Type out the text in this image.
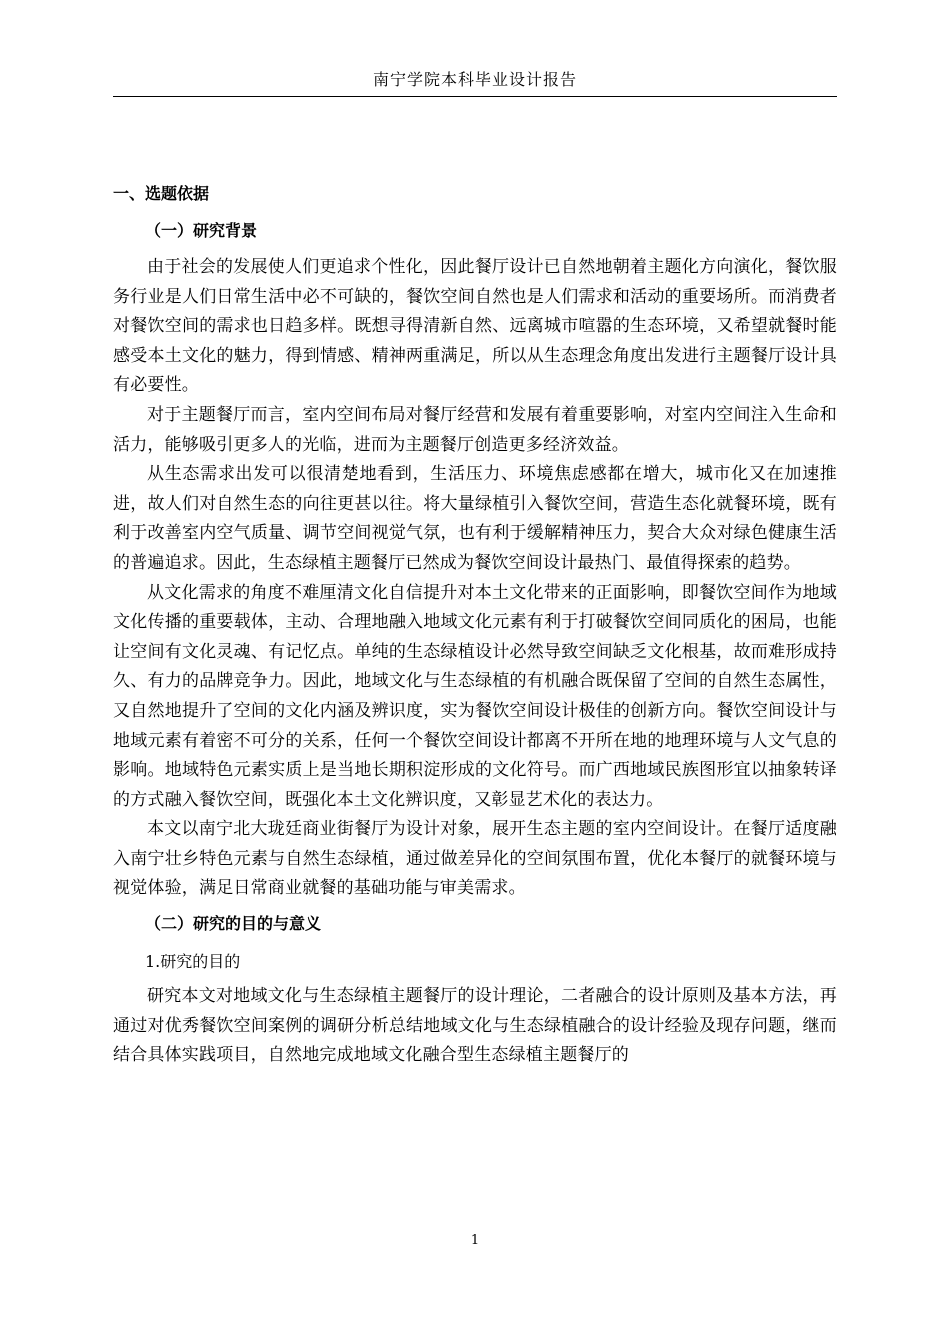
南宁学院本科毕业设计报告
一、选题依据
（一）研究背景

由于社会的发展使人们更追求个性化，因此餐厅设计已自然地朝着主题化方向演化，餐饮服务行业是人们日常生活中必不可缺的，餐饮空间自然也是人们需求和活动的重要场所。而消费者对餐饮空间的需求也日趋多样。既想寻得清新自然、远离城市喧嚣的生态环境，又希望就餐时能感受本土文化的魅力，得到情感、精神两重满足，所以从生态理念角度出发进行主题餐厅设计具有必要性。

对于主题餐厅而言，室内空间布局对餐厅经营和发展有着重要影响，对室内空间注入生命和活力，能够吸引更多人的光临，进而为主题餐厅创造更多经济效益。

从生态需求出发可以很清楚地看到，生活压力、环境焦虑感都在增大，城市化又在加速推进，故人们对自然生态的向往更甚以往。将大量绿植引入餐饮空间，营造生态化就餐环境，既有利于改善室内空气质量、调节空间视觉气氛，也有利于缓解精神压力，契合大众对绿色健康生活的普遍追求。因此，生态绿植主题餐厅已然成为餐饮空间设计最热门、最值得探索的趋势。

从文化需求的角度不难厘清文化自信提升对本土文化带来的正面影响，即餐饮空间作为地域文化传播的重要载体，主动、合理地融入地域文化元素有利于打破餐饮空间同质化的困局，也能让空间有文化灵魂、有记忆点。单纯的生态绿植设计必然导致空间缺乏文化根基，故而难形成持久、有力的品牌竞争力。因此，地域文化与生态绿植的有机融合既保留了空间的自然生态属性，又自然地提升了空间的文化内涵及辨识度，实为餐饮空间设计极佳的创新方向。餐饮空间设计与地域元素有着密不可分的关系，任何一个餐饮空间设计都离不开所在地的地理环境与人文气息的影响。地域特色元素实质上是当地长期积淀形成的文化符号。而广西地域民族图形宜以抽象转译的方式融入餐饮空间，既强化本土文化辨识度，又彰显艺术化的表达力。

本文以南宁北大珑廷商业街餐厅为设计对象，展开生态主题的室内空间设计。在餐厅适度融入南宁壮乡特色元素与自然生态绿植，通过做差异化的空间氛围布置，优化本餐厅的就餐环境与视觉体验，满足日常商业就餐的基础功能与审美需求。

（二）研究的目的与意义
1.研究的目的

研究本文对地域文化与生态绿植主题餐厅的设计理论，二者融合的设计原则及基本方法，再通过对优秀餐饮空间案例的调研分析总结地域文化与生态绿植融合的设计经验及现存问题，继而结合具体实践项目，自然地完成地域文化融合型生态绿植主题餐厅的

1
